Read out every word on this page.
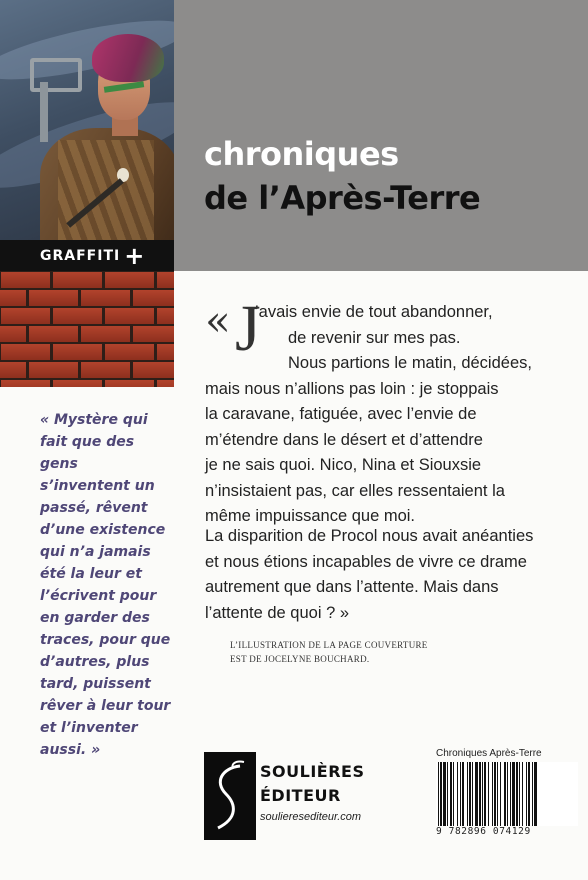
GRAFFITI +
chroniques
de l’Après-Terre

« Mystère qui fait que des gens s’inventent un passé, rêvent d’une existence qui n’a jamais été la leur et l’écrivent pour en garder des traces, pour que d’autres, plus tard, puissent rêver à leur tour et l’inventer aussi. »

« J
’avais envie de tout abandonner,
de revenir sur mes pas.
Nous partions le matin, décidées,
mais nous n’allions pas loin : je stoppais
la caravane, fatiguée, avec l’envie de
m’étendre dans le désert et d’attendre
je ne sais quoi. Nico, Nina et Siouxsie
n’insistaient pas, car elles ressentaient la
même impuissance que moi.
La disparition de Procol nous avait anéanties
et nous étions incapables de vivre ce drame
autrement que dans l’attente. Mais dans
l’attente de quoi ? »
L’ILLUSTRATION DE LA PAGE COUVERTURE
EST DE JOCELYNE BOUCHARD.
SOULIÈRES
ÉDITEUR
soulieresediteur.com
Chroniques Après-Terre
9 782896 074129
